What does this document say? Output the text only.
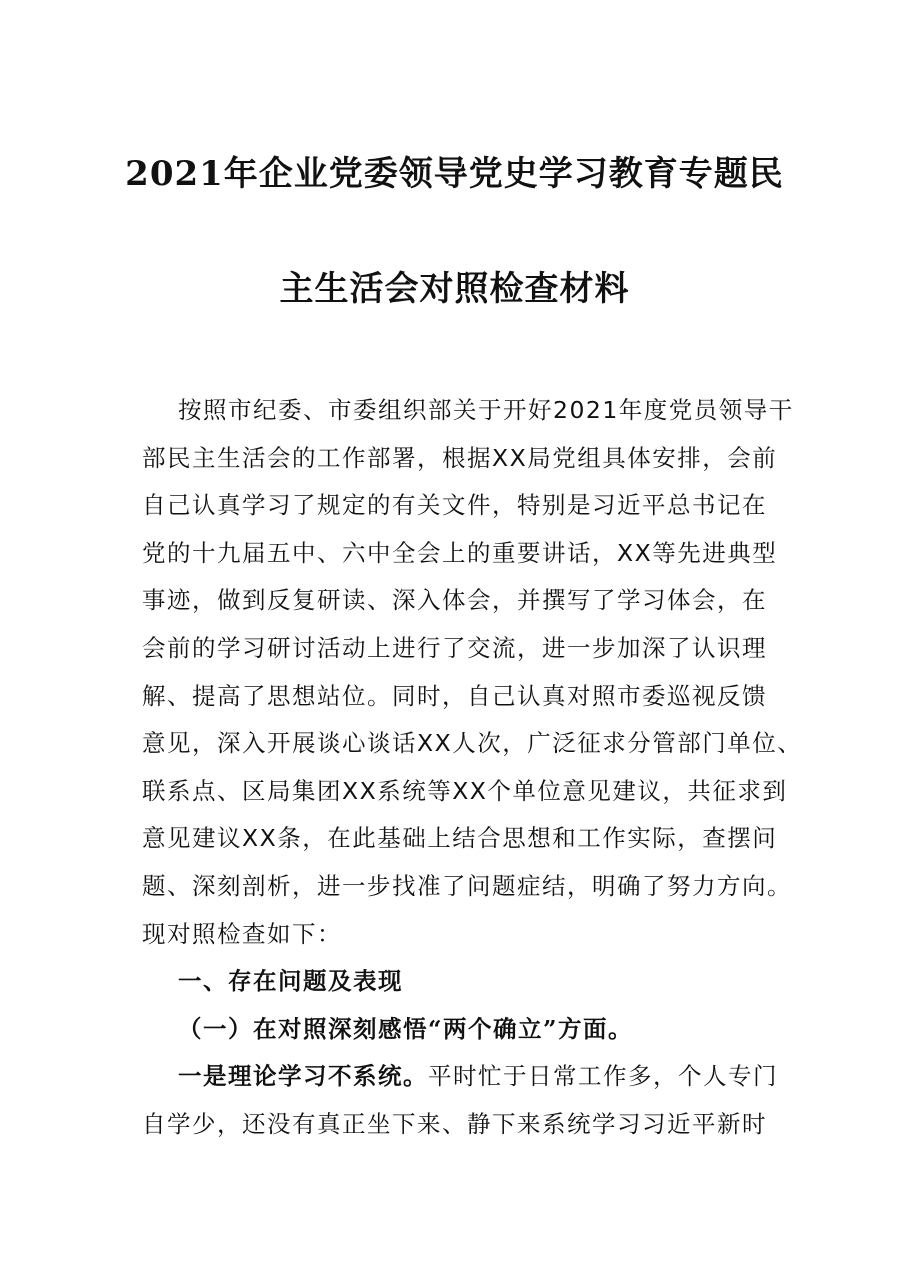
2021年企业党委领导党史学习教育专题民
主生活会对照检查材料
按照市纪委、市委组织部关于开好2021年度党员领导干
部民主生活会的工作部署，根据XX局党组具体安排，会前
自己认真学习了规定的有关文件，特别是习近平总书记在
党的十九届五中、六中全会上的重要讲话，XX等先进典型
事迹，做到反复研读、深入体会，并撰写了学习体会，在
会前的学习研讨活动上进行了交流，进一步加深了认识理
解、提高了思想站位。同时，自己认真对照市委巡视反馈
意见，深入开展谈心谈话XX人次，广泛征求分管部门单位、
联系点、区局集团XX系统等XX个单位意见建议，共征求到
意见建议XX条，在此基础上结合思想和工作实际，查摆问
题、深刻剖析，进一步找准了问题症结，明确了努力方向。
现对照检查如下：
一、存在问题及表现
（一）在对照深刻感悟“两个确立”方面。
一是理论学习不系统。平时忙于日常工作多，个人专门
自学少，还没有真正坐下来、静下来系统学习习近平新时
